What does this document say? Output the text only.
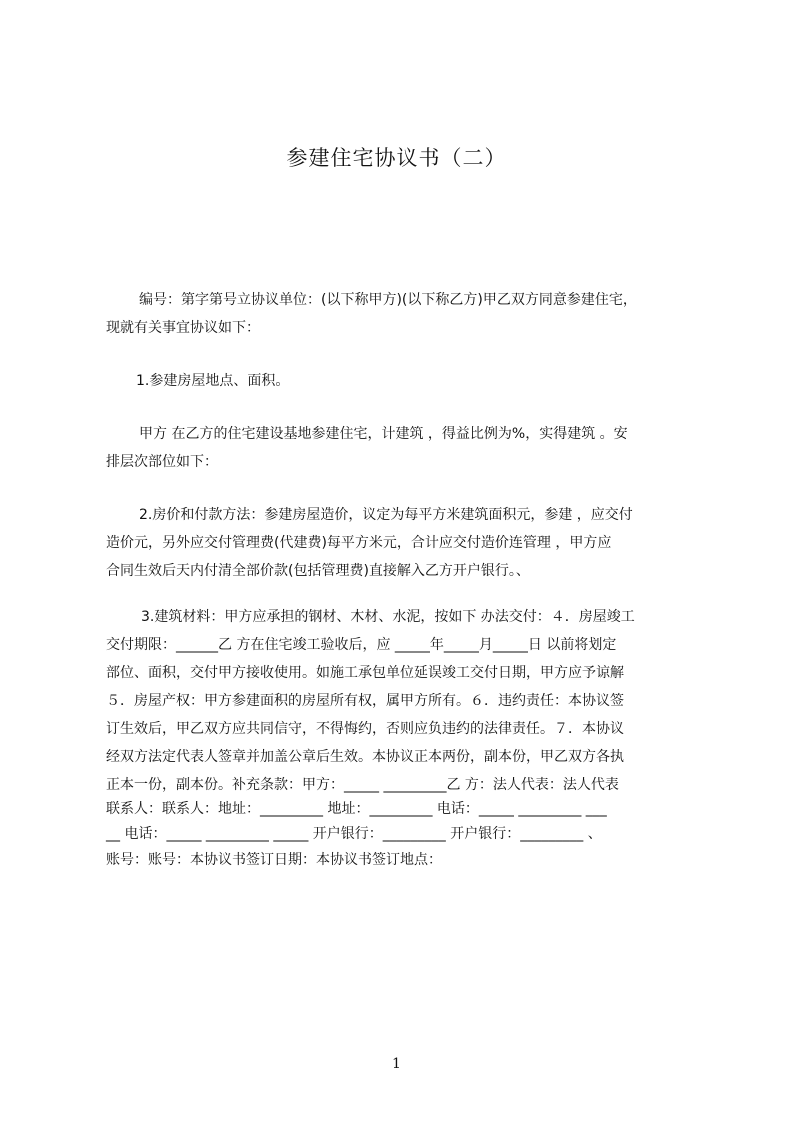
参建住宅协议书（二）
编号：第字第号立协议单位：(以下称甲方)(以下称乙方)甲乙双方同意参建住宅，
现就有关事宜协议如下：
1.参建房屋地点、面积。
甲方 在乙方的住宅建设基地参建住宅，计建筑 ，得益比例为%，实得建筑 。安
排层次部位如下：
2.房价和付款方法：参建房屋造价，议定为每平方米建筑面积元，参建 ，应交付
造价元，另外应交付管理费(代建费)每平方米元，合计应交付造价连管理 ，甲方应
合同生效后天内付清全部价款(包括管理费)直接解入乙方开户银行。、
3.建筑材料：甲方应承担的钢材、木材、水泥，按如下 办法交付：４．房屋竣工
交付期限：______乙 方在住宅竣工验收后，应 _____年_____月_____日 以前将划定
部位、面积，交付甲方接收使用。如施工承包单位延误竣工交付日期，甲方应予谅解
５．房屋产权：甲方参建面积的房屋所有权，属甲方所有。６．违约责任：本协议签
订生效后，甲乙双方应共同信守，不得悔约，否则应负违约的法律责任。７．本协议
经双方法定代表人签章并加盖公章后生效。本协议正本两份，副本份，甲乙双方各执
正本一份，副本份。补充条款：甲方：_____ _________乙 方：法人代表：法人代表
联系人：联系人：地址：_________ 地址：_________ 电话：_____ _________ ___
__ 电话：_____ _________ _____ 开户银行：_________ 开户银行：_________ 、
账号：账号：本协议书签订日期：本协议书签订地点：
1
